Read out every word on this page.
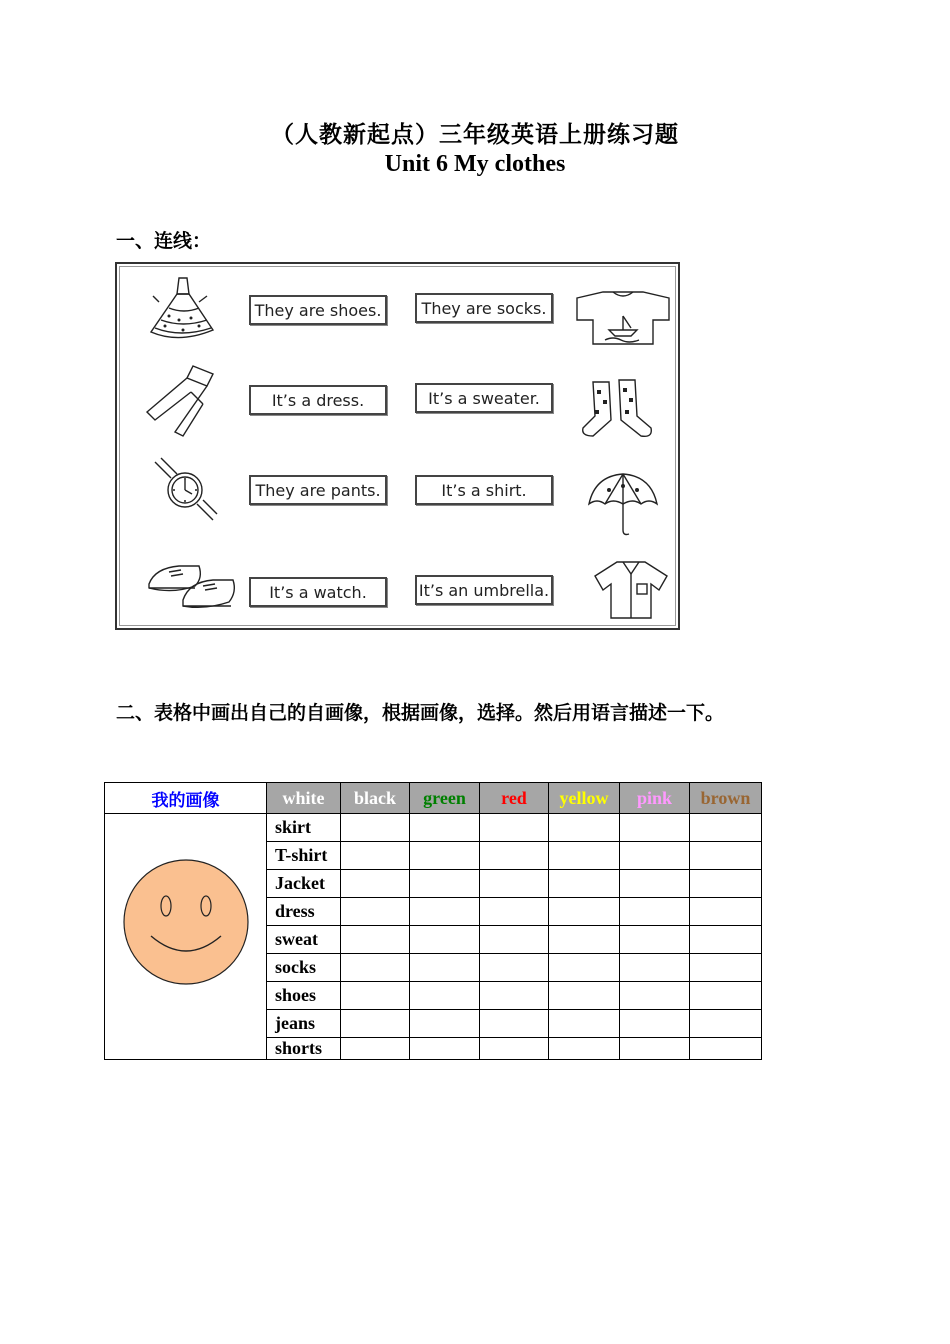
（人教新起点）三年级英语上册练习题
Unit 6 My clothes
一、连线：
They are shoes.
It’s a dress.
They are pants.
It’s a watch.
They are socks.
It’s a sweater.
It’s a shirt.
It’s an umbrella.
二、表格中画出自己的自画像，根据画像，选择。然后用语言描述一下。
我的画像	white	black	green	red	yellow	pink	brown	

	skirt							
	T-shirt							
	Jacket							
	dress							
	sweat							
	socks							
	shoes							
	jeans							
	shorts							
